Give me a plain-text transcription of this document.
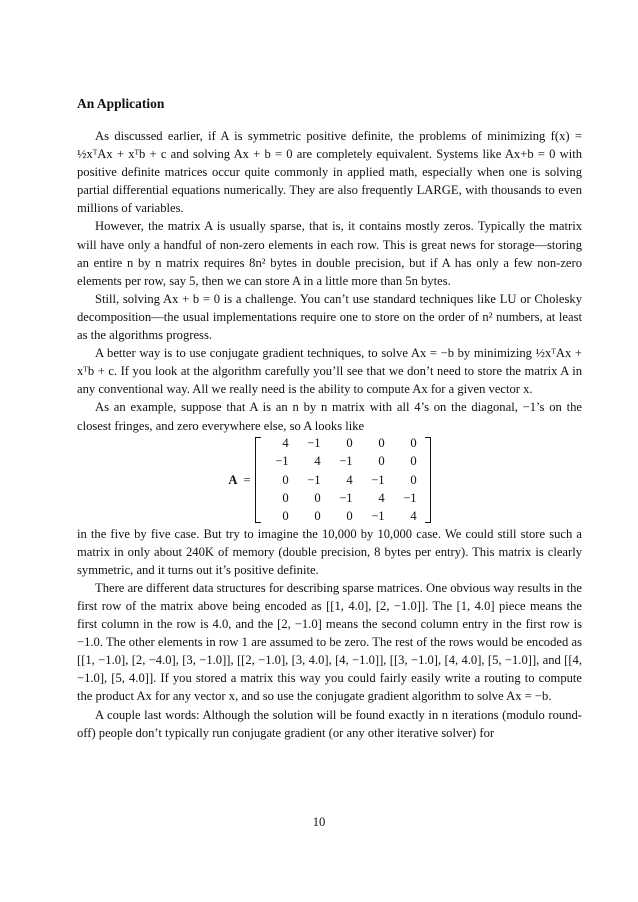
An Application

As discussed earlier, if A is symmetric positive definite, the problems of minimizing f(x) = ½xᵀAx + xᵀb + c and solving Ax + b = 0 are completely equivalent. Systems like Ax+b = 0 with positive definite matrices occur quite commonly in applied math, especially when one is solving partial differential equations numerically. They are also frequently LARGE, with thousands to even millions of variables.

However, the matrix A is usually sparse, that is, it contains mostly zeros. Typically the matrix will have only a handful of non-zero elements in each row. This is great news for storage—storing an entire n by n matrix requires 8n² bytes in double precision, but if A has only a few non-zero elements per row, say 5, then we can store A in a little more than 5n bytes.

Still, solving Ax + b = 0 is a challenge. You can’t use standard techniques like LU or Cholesky decomposition—the usual implementations require one to store on the order of n² numbers, at least as the algorithms progress.

A better way is to use conjugate gradient techniques, to solve Ax = −b by minimizing ½xᵀAx + xᵀb + c. If you look at the algorithm carefully you’ll see that we don’t need to store the matrix A in any conventional way. All we really need is the ability to compute Ax for a given vector x.

As an example, suppose that A is an n by n matrix with all 4’s on the diagonal, −1’s on the closest fringes, and zero everywhere else, so A looks like

A =
4	−1	0	0	0
−1	4	−1	0	0
0	−1	4	−1	0
0	0	−1	4	−1
0	0	0	−1	4

in the five by five case. But try to imagine the 10,000 by 10,000 case. We could still store such a matrix in only about 240K of memory (double precision, 8 bytes per entry). This matrix is clearly symmetric, and it turns out it’s positive definite.

There are different data structures for describing sparse matrices. One obvious way results in the first row of the matrix above being encoded as [[1, 4.0], [2, −1.0]]. The [1, 4.0] piece means the first column in the row is 4.0, and the [2, −1.0] means the second column entry in the first row is −1.0. The other elements in row 1 are assumed to be zero. The rest of the rows would be encoded as [[1, −1.0], [2, −4.0], [3, −1.0]], [[2, −1.0], [3, 4.0], [4, −1.0]], [[3, −1.0], [4, 4.0], [5, −1.0]], and [[4, −1.0], [5, 4.0]]. If you stored a matrix this way you could fairly easily write a routing to compute the product Ax for any vector x, and so use the conjugate gradient algorithm to solve Ax = −b.

A couple last words: Although the solution will be found exactly in n iterations (modulo round-off) people don’t typically run conjugate gradient (or any other iterative solver) for

10
